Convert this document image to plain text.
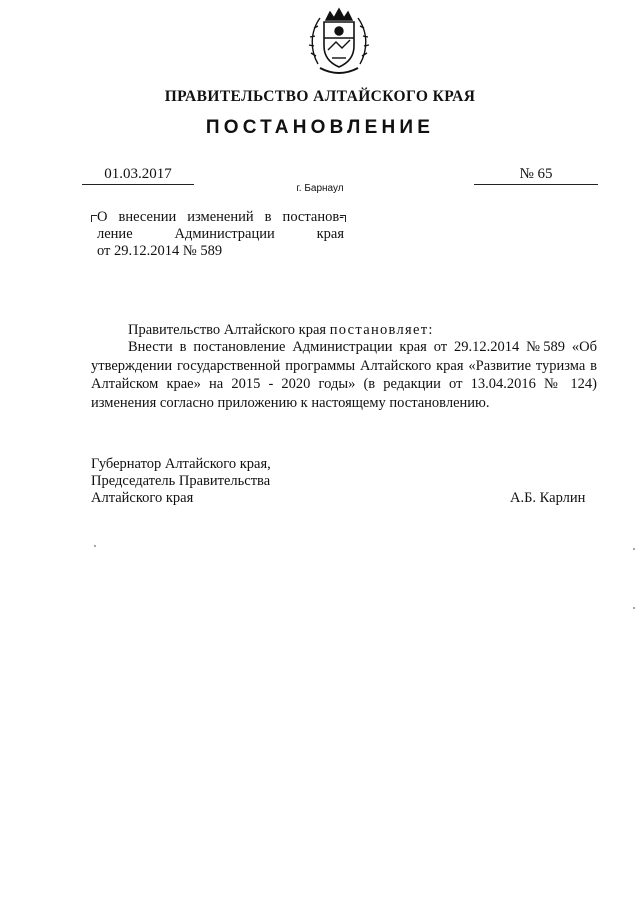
ПРАВИТЕЛЬСТВО АЛТАЙСКОГО КРАЯ
ПОСТАНОВЛЕНИЕ
01.03.2017	№ 65
г. Барнаул
О внесении изменений в постанов-
ление Администрации края
от 29.12.2014 № 589
Правительство Алтайского края постановляет:
Внести в постановление Администрации края от 29.12.2014 №589 «Об утверждении государственной программы Алтайского края «Развитие туризма в Алтайском крае» на 2015 - 2020 годы» (в редакции от 13.04.2016 № 124) изменения согласно приложению к настоящему постановлению.
Губернатор Алтайского края,
Председатель Правительства
Алтайского края	А.Б. Карлин
